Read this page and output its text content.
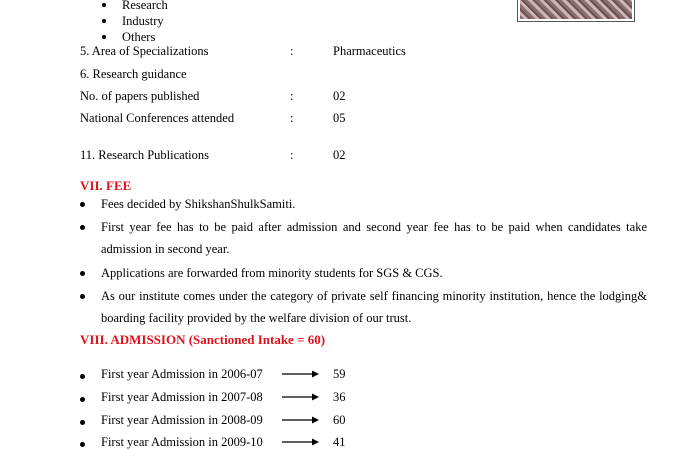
Research
Industry
Others
5. Area of Specializations	:	Pharmaceutics
6. Research guidance
No. of papers published	:	02
National Conferences attended	:	05
11. Research Publications	:	02
VII. FEE
Fees decided by ShikshanShulkSamiti.
First year fee has to be paid after admission and second year fee has to be paid when candidates take admission in second year.
Applications are forwarded from minority students for SGS & CGS.
As our institute comes under the category of private self financing minority institution, hence the lodging& boarding facility provided by the welfare division of our trust.
VIII. ADMISSION (Sanctioned Intake = 60)
First year Admission in 2006-07	59
First year Admission in 2007-08	36
First year Admission in 2008-09	60
First year Admission in 2009-10	41
